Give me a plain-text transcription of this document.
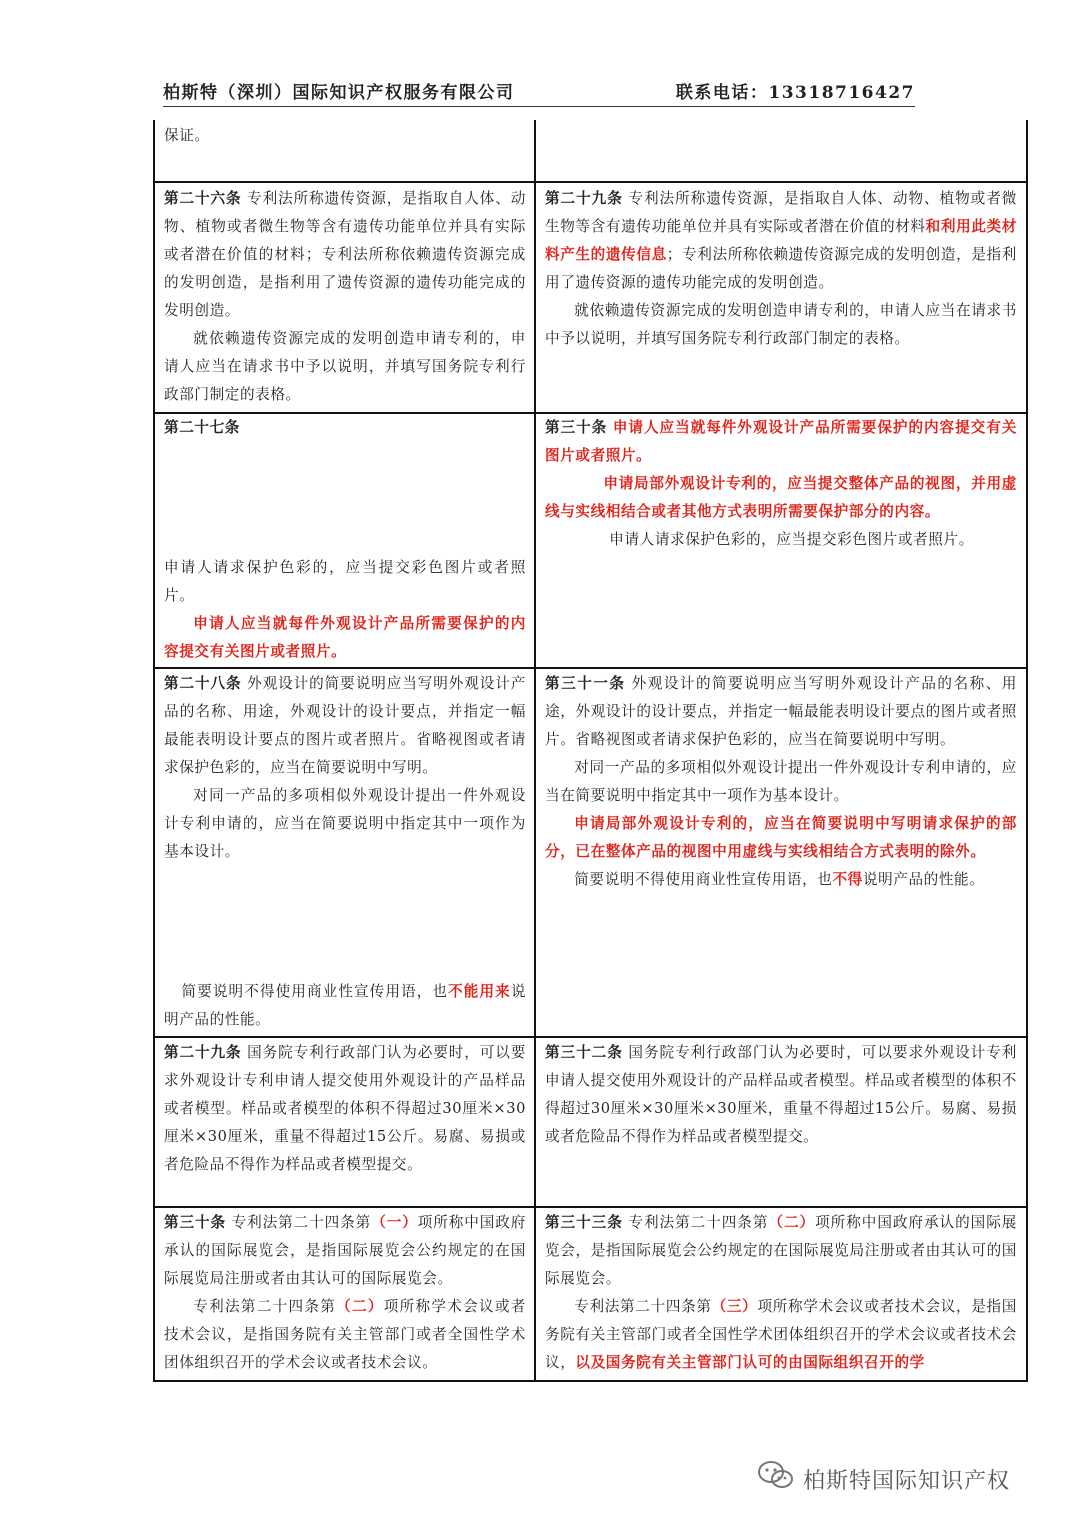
柏斯特（深圳）国际知识产权服务有限公司	联系电话：13318716427

保证。

第二十六条 专利法所称遗传资源，是指取自人体、动物、植物或者微生物等含有遗传功能单位并具有实际或者潜在价值的材料；专利法所称依赖遗传资源完成的发明创造，是指利用了遗传资源的遗传功能完成的发明创造。

就依赖遗传资源完成的发明创造申请专利的，申请人应当在请求书中予以说明，并填写国务院专利行政部门制定的表格。

第二十九条 专利法所称遗传资源，是指取自人体、动物、植物或者微生物等含有遗传功能单位并具有实际或者潜在价值的材料和利用此类材料产生的遗传信息；专利法所称依赖遗传资源完成的发明创造，是指利用了遗传资源的遗传功能完成的发明创造。

就依赖遗传资源完成的发明创造申请专利的，申请人应当在请求书中予以说明，并填写国务院专利行政部门制定的表格。

第二十七条

申请人请求保护色彩的，应当提交彩色图片或者照片。

申请人应当就每件外观设计产品所需要保护的内容提交有关图片或者照片。

第三十条 申请人应当就每件外观设计产品所需要保护的内容提交有关图片或者照片。

申请局部外观设计专利的，应当提交整体产品的视图，并用虚线与实线相结合或者其他方式表明所需要保护部分的内容。

申请人请求保护色彩的，应当提交彩色图片或者照片。

第二十八条 外观设计的简要说明应当写明外观设计产品的名称、用途，外观设计的设计要点，并指定一幅最能表明设计要点的图片或者照片。省略视图或者请求保护色彩的，应当在简要说明中写明。

对同一产品的多项相似外观设计提出一件外观设计专利申请的，应当在简要说明中指定其中一项作为基本设计。

简要说明不得使用商业性宣传用语，也不能用来说明产品的性能。

第三十一条 外观设计的简要说明应当写明外观设计产品的名称、用途，外观设计的设计要点，并指定一幅最能表明设计要点的图片或者照片。省略视图或者请求保护色彩的，应当在简要说明中写明。

对同一产品的多项相似外观设计提出一件外观设计专利申请的，应当在简要说明中指定其中一项作为基本设计。

申请局部外观设计专利的，应当在简要说明中写明请求保护的部分，已在整体产品的视图中用虚线与实线相结合方式表明的除外。

简要说明不得使用商业性宣传用语，也不得说明产品的性能。

第二十九条 国务院专利行政部门认为必要时，可以要求外观设计专利申请人提交使用外观设计的产品样品或者模型。样品或者模型的体积不得超过30厘米×30厘米×30厘米，重量不得超过15公斤。易腐、易损或者危险品不得作为样品或者模型提交。

第三十二条 国务院专利行政部门认为必要时，可以要求外观设计专利申请人提交使用外观设计的产品样品或者模型。样品或者模型的体积不得超过30厘米×30厘米×30厘米，重量不得超过15公斤。易腐、易损或者危险品不得作为样品或者模型提交。

第三十条 专利法第二十四条第（一）项所称中国政府承认的国际展览会，是指国际展览会公约规定的在国际展览局注册或者由其认可的国际展览会。

专利法第二十四条第（二）项所称学术会议或者技术会议，是指国务院有关主管部门或者全国性学术团体组织召开的学术会议或者技术会议。

第三十三条 专利法第二十四条第（二）项所称中国政府承认的国际展览会，是指国际展览会公约规定的在国际展览局注册或者由其认可的国际展览会。

专利法第二十四条第（三）项所称学术会议或者技术会议，是指国务院有关主管部门或者全国性学术团体组织召开的学术会议或者技术会议，以及国务院有关主管部门认可的由国际组织召开的学

柏斯特国际知识产权
